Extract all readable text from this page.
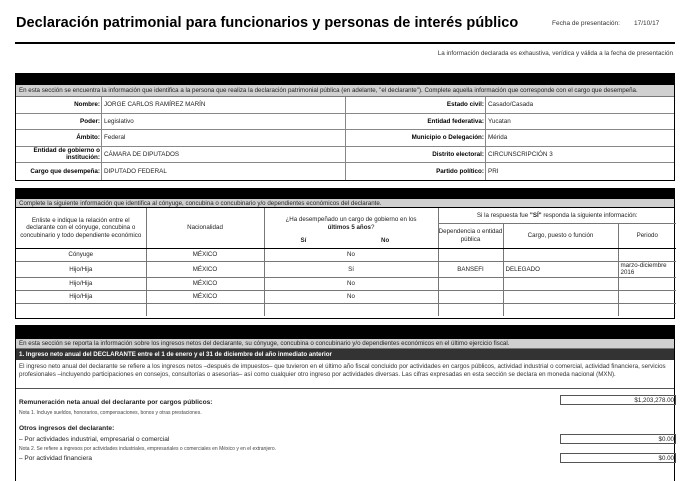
Declaración patrimonial para funcionarios y personas de interés público	Fecha de presentación: 17/10/17
La información declarada es exhaustiva, verídica y válida a la fecha de presentación
En esta sección se encuentra la información que identifica a la persona que realiza la declaración patrimonial pública (en adelante, "el declarante"). Complete aquella información que corresponde con el cargo que desempeña.
Nombre: JORGE CARLOS RAMÍREZ MARÍN	Estado civil: Casado/Casada
Poder: Legislativo	Entidad federativa: Yucatan
Ámbito: Federal	Municipio o Delegación: Mérida
Entidad de gobierno o institución: CÁMARA DE DIPUTADOS	Distrito electoral: CIRCUNSCRIPCIÓN 3
Cargo que desempeña: DIPUTADO FEDERAL	Partido político: PRI
Complete la siguiente información que identifica al cónyuge, concubina o concubinario y/o dependientes económicos del declarante.
Enliste e indique la relación entre el declarante con el cónyuge, concubina o concubinario y todo dependiente económico	Nacionalidad	¿Ha desempeñado un cargo de gobierno en los
últimos 5 años?
Sí No	Si la respuesta fue "SÍ" responda la siguiente información:		
			Dependencia o entidad pública	Cargo, puesto o función	Periodo
Cónyuge	MÉXICO	No			
Hijo/Hija	MÉXICO	Sí	BANSEFI	DELEGADO	marzo-diciembre 2016
Hijo/Hija	MÉXICO	No			
Hijo/Hija	MÉXICO	No			

En esta sección se reporta la información sobre los ingresos netos del declarante, su cónyuge, concubina o concubinario y/o dependientes económicos en el último ejercicio fiscal.
1. Ingreso neto anual del DECLARANTE entre el 1 de enero y el 31 de diciembre del año inmediato anterior
El ingreso neto anual del declarante se refiere a los ingresos netos –después de impuestos– que tuvieron en el último año fiscal concluido por actividades en cargos públicos, actividad industrial o comercial, actividad financiera, servicios profesionales –incluyendo participaciones en consejos, consultorías o asesorías– así como cualquier otro ingreso por actividades diversas. Las cifras expresadas en esta sección se declara en moneda nacional (MXN).
Remuneración neta anual del declarante por cargos públicos:	$1,203,278.00
Nota 1. Incluye sueldos, honorarios, compensaciones, bonos y otras prestaciones.
Otros ingresos del declarante:
– Por actividades industrial, empresarial o comercial	$0.00
Nota 2. Se refiere a ingresos por actividades industriales, empresariales o comerciales en México y en el extranjero.
– Por actividad financiera	$0.00
